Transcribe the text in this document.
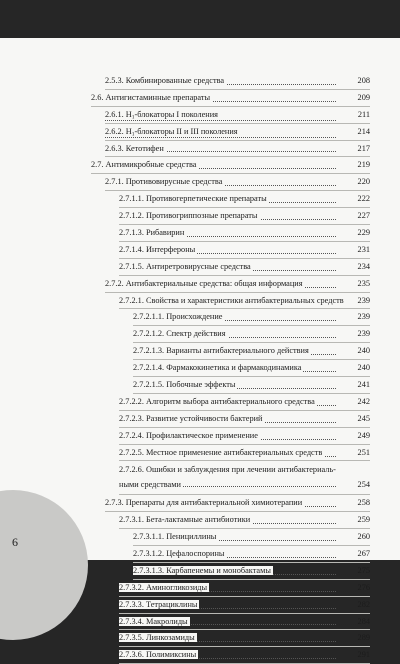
2.5.3. Комбинированные средства	208
2.6. Антигистаминные препараты	209
2.6.1. $H_1$-блокаторы I поколения	211
2.6.2. $H_1$-блокаторы II и III поколения	214
2.6.3. Кетотифен	217
2.7. Антимикробные средства	219
2.7.1. Противовирусные средства	220
2.7.1.1. Противогерпетические препараты	222
2.7.1.2. Противогриппозные препараты	227
2.7.1.3. Рибавирин	229
2.7.1.4. Интерфероны	231
2.7.1.5. Антиретровирусные средства	234
2.7.2. Антибактериальные средства: общая информация	235
2.7.2.1. Свойства и характеристики антибактериальных средств	239
2.7.2.1.1. Происхождение	239
2.7.2.1.2. Спектр действия	239
2.7.2.1.3. Варианты антибактериального действия	240
2.7.2.1.4. Фармакокинетика и фармакодинамика	240
2.7.2.1.5. Побочные эффекты	241
2.7.2.2. Алгоритм выбора антибактериального средства	242
2.7.2.3. Развитие устойчивости бактерий	245
2.7.2.4. Профилактическое применение	249
2.7.2.5. Местное применение антибактериальных средств	251
2.7.2.6. Ошибки и заблуждения при лечении антибактериаль-ными средствами	254
2.7.3. Препараты для антибактериальной химиотерапии	258
2.7.3.1. Бета-лактамные антибиотики	259
2.7.3.1.1. Пенициллины	260
2.7.3.1.2. Цефалоспорины	267
2.7.3.1.3. Карбапенемы и монобактамы	275
2.7.3.2. Аминогликозиды	276
2.7.3.3. Тетрациклины	282
2.7.3.4. Макролиды	284
2.7.3.5. Линкозамиды	289
2.7.3.6. Полимиксины	291
6
